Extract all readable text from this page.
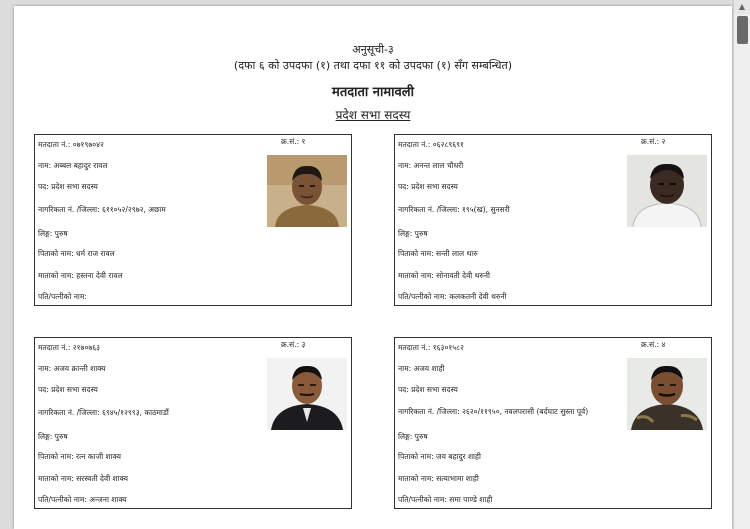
▲
अनुसूची-३
(दफा ६ को उपदफा (१) तथा दफा ११ को उपदफा (१) सँग सम्बन्धित)
मतदाता नामावली
प्रदेश सभा सदस्य
मतदाता नं.: ०७१९७०४२	क्र.सं.: १
नाम: अब्बल बहादुर रावल
पद: प्रदेश सभा सदस्य
नागरिकता नं. /जिल्ला: ६११०५२/२९७२, अछाम
लिङ्ग: पुरुष
पिताको नाम: धर्म राज रावल
माताको नाम: हस्तना देवी रावल
पति/पत्नीको नाम:
मतदाता नं.: ०६२८९६९१	क्र.सं.: २
नाम: अनन्त लाल चौधरी
पद: प्रदेश सभा सदस्य
नागरिकता नं. /जिल्ला: १९५(ख), सुनसरी
लिङ्ग: पुरुष
पिताको नाम: सन्ती लाल थारु
माताको नाम: सोनावती देवी थरुनी
पति/पत्नीको नाम: कलकतनी देवी थरुनी
मतदाता नं.: २१७०७६३	क्र.सं.: ३
नाम: अजय क्रान्ती शाक्य
पद: प्रदेश सभा सदस्य
नागरिकता नं. /जिल्ला: ६९४५/१२९९३, काठमाडौं
लिङ्ग: पुरुष
पिताको नाम: रत्न काजी शाक्य
माताको नाम: सरस्वती देवी शाक्य
पति/पत्नीको नाम: अन्जना शाक्य
मतदाता नं.: १६३०१५८२	क्र.सं.: ४
नाम: अजय शाही
पद: प्रदेश सभा सदस्य
नागरिकता नं. /जिल्ला: २६२०/११९५०, नवलपरासी (बर्दघाट सुस्ता पूर्व)
लिङ्ग: पुरुष
पिताको नाम: जय बहादुर शाही
माताको नाम: सत्याभामा शाही
पति/पत्नीको नाम: समा पाण्डे शाही
